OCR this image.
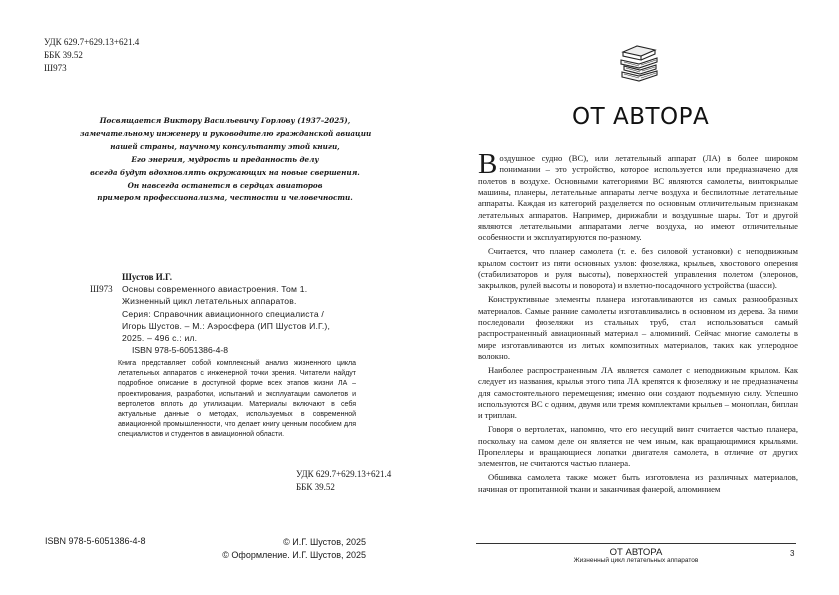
УДК 629.7+629.13+621.4
ББК 39.52
Ш973
Посвящается Виктору Васильевичу Горлову (1937–2025),
замечательному инженеру и руководителю гражданской авиации
нашей страны, научному консультанту этой книги,
Его энергия, мудрость и преданность делу
всегда будут вдохновлять окружающих на новые свершения.
Он навсегда останется в сердцах авиаторов
примером профессионализма, честности и человечности.
Шустов И.Г.
Ш973	Основы современного авиастроения. Том 1.
Жизненный цикл летательных аппаратов.
Серия: Справочник авиационного специалиста /
Игорь Шустов. – М.: Аэросфера (ИП Шустов И.Г.),
2025. – 496 с.: ил.
ISBN 978-5-6051386-4-8
Книга представляет собой комплексный анализ жизненного цикла летательных аппаратов с инженерной точки зрения. Читатели найдут подробное описание в доступной форме всех этапов жизни ЛА – проектирования, разработки, испытаний и эксплуатации самолетов и вертолетов вплоть до утилизации. Материалы включают в себя актуальные данные о методах, используемых в современной авиационной промышленности, что делает книгу ценным пособием для специалистов и студентов в авиационной области.
УДК 629.7+629.13+621.4
ББК 39.52
ISBN 978-5-6051386-4-8	© И.Г. Шустов, 2025
© Оформление. И.Г. Шустов, 2025
ОТ АВТОРА

Воздушное судно (ВС), или летательный аппарат (ЛА) в более широком понимании – это устройство, которое используется или предназначено для полетов в воздухе. Основными категориями ВС являются самолеты, винтокрылые машины, планеры, летательные аппараты легче воздуха и беспилотные летательные аппараты. Каждая из категорий разделяется по основным отличительным признакам летательных аппаратов. Например, дирижабли и воздушные шары. Тот и другой являются летательными аппаратами легче воздуха, но имеют отличительные особенности и эксплуатируются по-разному.

Считается, что планер самолета (т. е. без силовой установки) с неподвижным крылом состоит из пяти основных узлов: фюзеляжа, крыльев, хвостового оперения (стабилизаторов и руля высоты), поверхностей управления полетом (элеронов, закрылков, рулей высоты и поворота) и взлетно-посадочного устройства (шасси).

Конструктивные элементы планера изготавливаются из самых разнообразных материалов. Самые ранние самолеты изготавливались в основном из дерева. За ними последовали фюзеляжи из стальных труб, стал использоваться самый распространенный авиационный материал – алюминий. Сейчас многие самолеты в мире изготавливаются из литых композитных материалов, таких как углеродное волокно.

Наиболее распространенным ЛА является самолет с неподвижным крылом. Как следует из названия, крылья этого типа ЛА крепятся к фюзеляжу и не предназначены для самостоятельного перемещения; именно они создают подъемную силу. Успешно используются ВС с одним, двумя или тремя комплектами крыльев – моноплан, биплан и триплан.

Говоря о вертолетах, напомню, что его несущий винт считается частью планера, поскольку на самом деле он является не чем иным, как вращающимися крыльями. Пропеллеры и вращающиеся лопатки двигателя самолета, в отличие от других элементов, не считаются частью планера.

Обшивка самолета также может быть изготовлена из различных материалов, начиная от пропитанной ткани и заканчивая фанерой, алюминием

ОТ АВТОРА
Жизненный цикл летательных аппаратов
3
